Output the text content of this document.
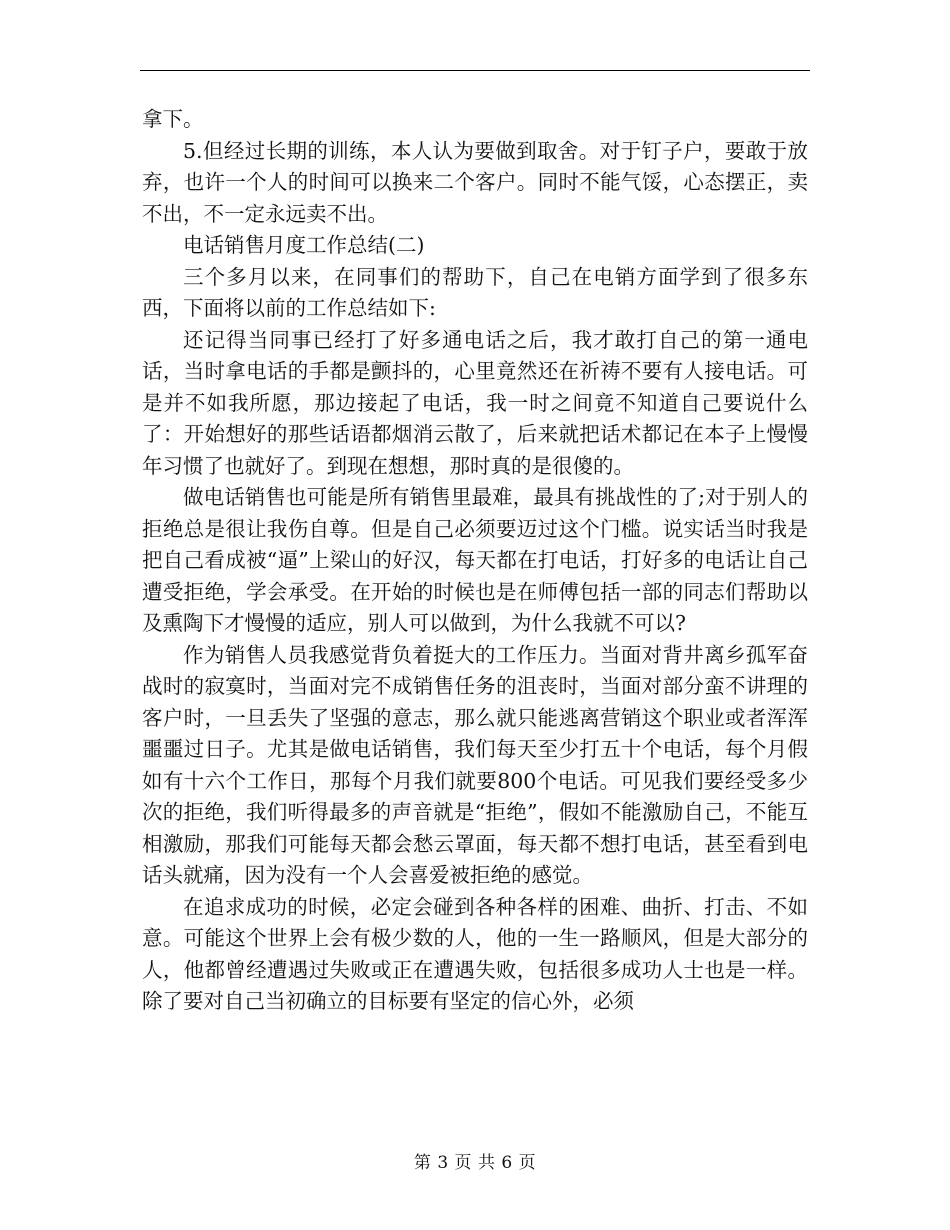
拿下。

5.但经过长期的训练，本人认为要做到取舍。对于钉子户，要敢于放弃，也许一个人的时间可以换来二个客户。同时不能气馁，心态摆正，卖不出，不一定永远卖不出。

电话销售月度工作总结(二)

三个多月以来，在同事们的帮助下，自己在电销方面学到了很多东西，下面将以前的工作总结如下:

还记得当同事已经打了好多通电话之后，我才敢打自己的第一通电话，当时拿电话的手都是颤抖的，心里竟然还在祈祷不要有人接电话。可是并不如我所愿，那边接起了电话，我一时之间竟不知道自己要说什么了：开始想好的那些话语都烟消云散了，后来就把话术都记在本子上慢慢年习惯了也就好了。到现在想想，那时真的是很傻的。

做电话销售也可能是所有销售里最难，最具有挑战性的了;对于别人的拒绝总是很让我伤自尊。但是自己必须要迈过这个门槛。说实话当时我是把自己看成被“逼”上梁山的好汉，每天都在打电话，打好多的电话让自己遭受拒绝，学会承受。在开始的时候也是在师傅包括一部的同志们帮助以及熏陶下才慢慢的适应，别人可以做到，为什么我就不可以?

作为销售人员我感觉背负着挺大的工作压力。当面对背井离乡孤军奋战时的寂寞时，当面对完不成销售任务的沮丧时，当面对部分蛮不讲理的客户时，一旦丢失了坚强的意志，那么就只能逃离营销这个职业或者浑浑噩噩过日子。尤其是做电话销售，我们每天至少打五十个电话，每个月假如有十六个工作日，那每个月我们就要800个电话。可见我们要经受多少次的拒绝，我们听得最多的声音就是“拒绝”，假如不能激励自己，不能互相激励，那我们可能每天都会愁云罩面，每天都不想打电话，甚至看到电话头就痛，因为没有一个人会喜爱被拒绝的感觉。

在追求成功的时候，必定会碰到各种各样的困难、曲折、打击、不如意。可能这个世界上会有极少数的人，他的一生一路顺风，但是大部分的人，他都曾经遭遇过失败或正在遭遇失败，包括很多成功人士也是一样。除了要对自己当初确立的目标要有坚定的信心外，必须

第 3 页 共 6 页
